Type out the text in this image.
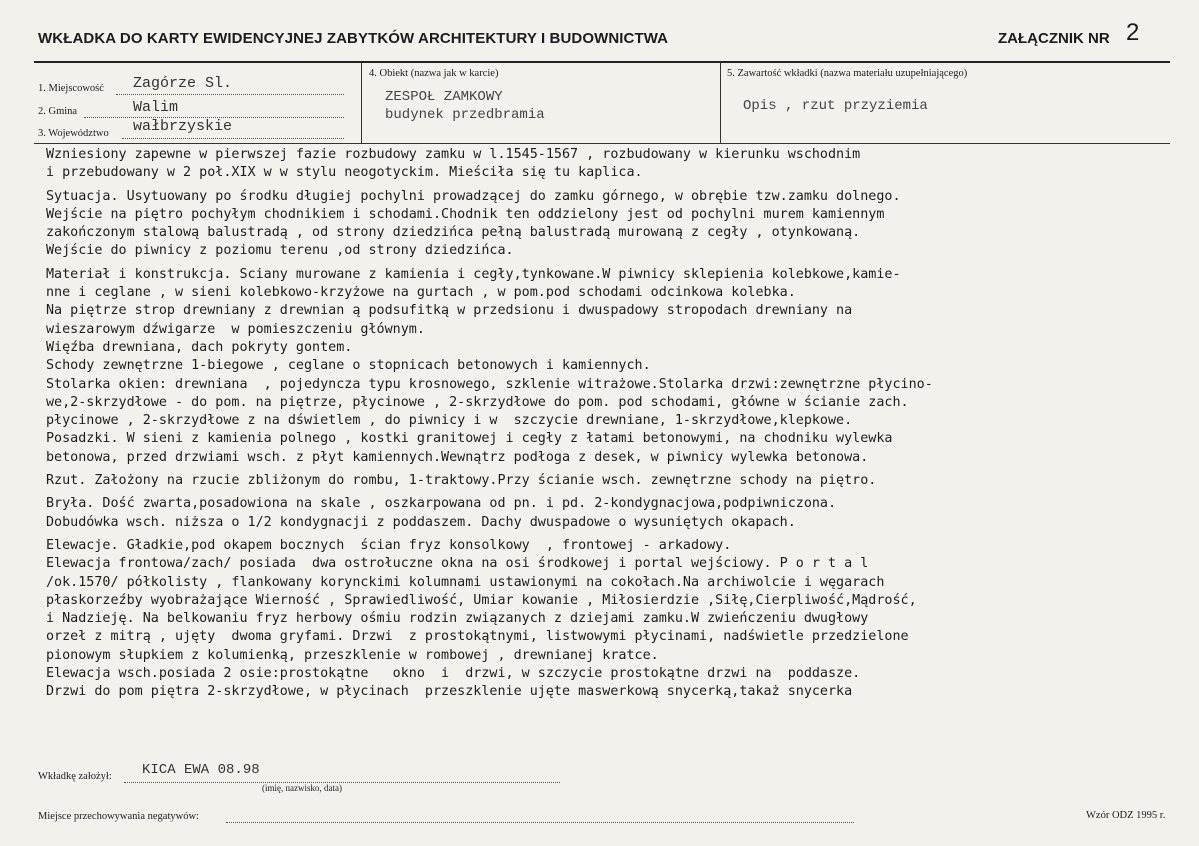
WKŁADKA DO KARTY EWIDENCYJNEJ ZABYTKÓW ARCHITEKTURY I BUDOWNICTWA	ZAŁĄCZNIK NR 2
1. Miejscowość Zagórze Sl.
2. Gmina	Walim
3. Województwo wałbrzyskie
4. Obiekt (nazwa jak w karcie)
ZESPOŁ ZAMKOWY
budynek przedbramia
5. Zawartość wkładki (nazwa materiału uzupełniającego)
Opis , rzut przyziemia
Wzniesiony zapewne w pierwszej fazie rozbudowy zamku w l.1545-1567 , rozbudowany w kierunku wschodnim
i przebudowany w 2 poł.XIX w w stylu neogotyckim. Mieściła się tu kaplica.
Sytuacja. Usytuowany po środku długiej pochylni prowadzącej do zamku górnego, w obrębie tzw.zamku dolnego.
Wejście na piętro pochyłym chodnikiem i schodami.Chodnik ten oddzielony jest od pochylni murem kamiennym
zakończonym stalową balustradą , od strony dziedzińca pełną balustradą murowaną z cegły , otynkowaną.
Wejście do piwnicy z poziomu terenu ,od strony dziedzińca.
Materiał i konstrukcja. Sciany murowane z kamienia i cegły,tynkowane.W piwnicy sklepienia kolebkowe,kamie-
nne i ceglane , w sieni kolebkowo-krzyżowe na gurtach , w pom.pod schodami odcinkowa kolebka.
Na piętrze strop drewniany z drewnian ą podsufitką w przedsionu i dwuspadowy stropodach drewniany na
wieszarowym dźwigarze  w pomieszczeniu głównym.
Więźba drewniana, dach pokryty gontem.
Schody zewnętrzne 1-biegowe , ceglane o stopnicach betonowych i kamiennych.
Stolarka okien: drewniana  , pojedyncza typu krosnowego, szklenie witrażowe.Stolarka drzwi:zewnętrzne płycino-
we,2-skrzydłowe - do pom. na piętrze, płycinowe , 2-skrzydłowe do pom. pod schodami, główne w ścianie zach.
płycinowe , 2-skrzydłowe z na dświetlem , do piwnicy i w  szczycie drewniane, 1-skrzydłowe,klepkowe.
Posadzki. W sieni z kamienia polnego , kostki granitowej i cegły z łatami betonowymi, na chodniku wylewka
betonowa, przed drzwiami wsch. z płyt kamiennych.Wewnątrz podłoga z desek, w piwnicy wylewka betonowa.
Rzut. Założony na rzucie zbliżonym do rombu, 1-traktowy.Przy ścianie wsch. zewnętrzne schody na piętro.
Bryła. Dość zwarta,posadowiona na skale , oszkarpowana od pn. i pd. 2-kondygnacjowa,podpiwniczona.
Dobudówka wsch. niższa o 1/2 kondygnacji z poddaszem. Dachy dwuspadowe o wysuniętych okapach.
Elewacje. Gładkie,pod okapem bocznych  ścian fryz konsolkowy  , frontowej - arkadowy.
Elewacja frontowa/zach/ posiada  dwa ostrołuczne okna na osi środkowej i portal wejściowy. P o r t a l
/ok.1570/ półkolisty , flankowany korynckimi kolumnami ustawionymi na cokołach.Na archiwolcie i węgarach
płaskorzeźby wyobrażające Wierność , Sprawiedliwość, Umiar kowanie , Miłosierdzie ,Siłę,Cierpliwość,Mądrość,
i Nadzieję. Na belkowaniu fryz herbowy ośmiu rodzin związanych z dziejami zamku.W zwieńczeniu dwugłowy
orzeł z mitrą , ujęty  dwoma gryfami. Drzwi  z prostokątnymi, listwowymi płycinami, nadświetle przedzielone
pionowym słupkiem z kolumienką, przeszklenie w rombowej , drewnianej kratce.
Elewacja wsch.posiada 2 osie:prostokątne   okno  i  drzwi, w szczycie prostokątne drzwi na  poddasze.
Drzwi do pom piętra 2-skrzydłowe, w płycinach  przeszklenie ujęte maswerkową snycerką,takaż snycerka
Wkładkę założył: KICA EWA 08.98
(imię, nazwisko, data)
Miejsce przechowywania negatywów:	Wzór ODZ 1995 r.
